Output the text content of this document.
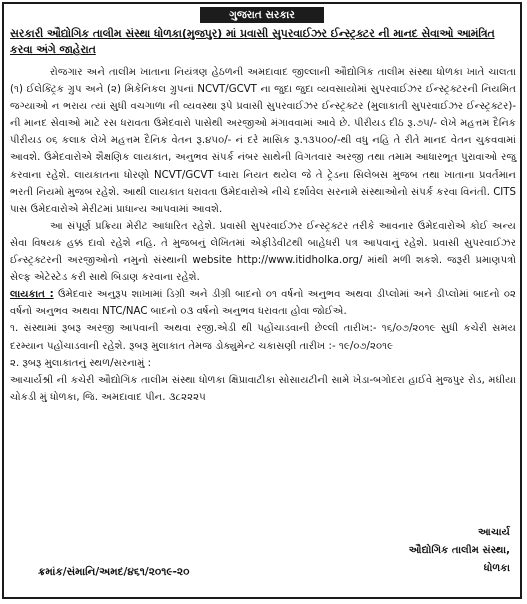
ગુજરાત સરકાર
સરકારી ઔદ્યોગિક તાલીમ સંસ્થા ધોળકા(મુજપુર) માં પ્રવાસી સુપરવાઈઝર ઈન્સ્ટ્રક્ટર ની માનદ સેવાઓ આમંત્રિત કરવા અંગે જાહેરાત

રોજગાર અને તાલીમ ખાતાના નિયંત્રણ હેઠળની અમદાવાદ જીલ્લાની ઔદ્યોગિક તાલીમ સંસ્થા ધોળકા ખાતે ચાલતા (૧) ઈલેક્ટ્રિક ગ્રુપ અને (૨) મિકેનિકલ ગ્રુપનાં NCVT/GCVT ના જુદા જુદા વ્યવસાયોમાં સુપરવાઈઝર ઈન્સ્ટ્રક્ટરની નિયમિત જગ્યાઓ ન ભરાય ત્યાં સુધી વચગાળા ની વ્યવસ્થા રૂપે પ્રવાસી સુપરવાઈઝર ઈન્સ્ટ્રક્ટર (મુલાકાતી સુપરવાઈઝર ઈન્સ્ટ્રક્ટર)-ની માનદ સેવાઓ માટે રસ ધરાવતા ઉમેદવારો પાસેથી અરજીઓ મંગાવવામાં આવે છે. પીરીયડ દીઠ રૂ.૭૫/- લેખે મહત્તમ દૈનિક પીરીયડ ૦૬ કલાક લેખે મહત્તમ દૈનિક વેતન રૂ.૪૫૦/- નં દરે માસિક રૂ.૧૩૫૦૦/-થી વધુ નહિ તે રીતે માનદ વેતન ચુકવવામાં આવશે. ઉમેદવારોએ શૈક્ષણિક લાયકાત, અનુભવ સંપર્ક નંબર સાથેની વિગતવાર અરજી તથા તમામ આધારભૂત પુરાવાઓ રજુ કરવાના રહેશે. લાયકાતના ધોરણો NCVT/GCVT ધ્વારા નિયત થયેલ જે તે ટ્રેડના સિલેબસ મુજબ તથા ખાતાના પ્રવર્તમાન ભરતી નિયમો મુજબ રહેશે. આથી લાયકાત ધરાવતા ઉમેદવારોએ નીચે દર્શાવેલ સરનામે સંસ્થાઓનો સંપર્ક કરવા વિનંતી. CITS પાસ ઉમેદવારોએ મેરીટમાં પ્રાધાન્ય આપવામાં આવશે.

આ સંપૂર્ણ પ્રક્રિયા મેરીટ આધારિત રહેશે. પ્રવાસી સુપરવાઈઝર ઈન્સ્ટ્રક્ટર તરીકે આવનાર ઉમેદવારોએ કોઈ અન્ય સેવા વિષયક હક્ક દાવો રહેશે નહિ. તે મુજબનું લેખિતમાં એફીડેવીટથી બાહેધરી પત્ર આપવાનું રહેશે. પ્રવાસી સુપરવાઈઝર ઈન્સ્ટ્રક્ટરની અરજીઓનો નમુનો સંસ્થાની website http://www.itidholka.org/ માંથી મળી શકશે. જરૂરી પ્રમાણપત્રો સેલ્ફ એટેસ્ટેડ કરી સાથે બિડાણ કરવાના રહેશે.

લાયકાત : ઉમેદવાર અનુરૂપ શાખામાં ડિગ્રી અને ડીગ્રી બાદનો ૦૧ વર્ષનો અનુભવ અથવા ડીપ્લોમાં અને ડીપ્લોમાં બાદનો ૦૨ વર્ષનો અનુભવ અથવા NTC/NAC બાદનો ૦૩ વર્ષનો અનુભવ ધરાવતા હોવા જોઈએ.

૧. સંસ્થામાં રૂબરૂ અરજી આપવાની અથવા રજી.એડી થી પહોંચાડવાની છેલ્લી તારીખ:- ૧૬/૦૭/૨૦૧૯ સુધી કચેરી સમય દરમ્યાન પહોંચાડવાની રહેશે. રૂબરૂ મુલાકાત તેમજ ડોક્યુમેન્ટ ચકાસણી તારીખ :- ૧૯/૦૭/૨૦૧૯

૨. રૂબરૂ મુલાકાતનું સ્થળ/સરનામું :

આચાર્યશ્રી ની કચેરી ઔદ્યોગિક તાલીમ સંસ્થા ધોળકા ક્ષિપ્રાવાટીકા સોસાયટીની સામે ખેડા-બગોદરા હાઈવે મુજપુર રોડ, મઘીયા ચોકડી મું ધોળકા, જિ. અમદાવાદ પીન. ૩૮૨૨૨૫

આચાર્ય
ઔદ્યોગિક તાલીમ સંસ્થા,
ધોળકા
ક્રમાંક/સંમાનિ/અમદ/૪૬૧/૨૦૧૯-૨૦
